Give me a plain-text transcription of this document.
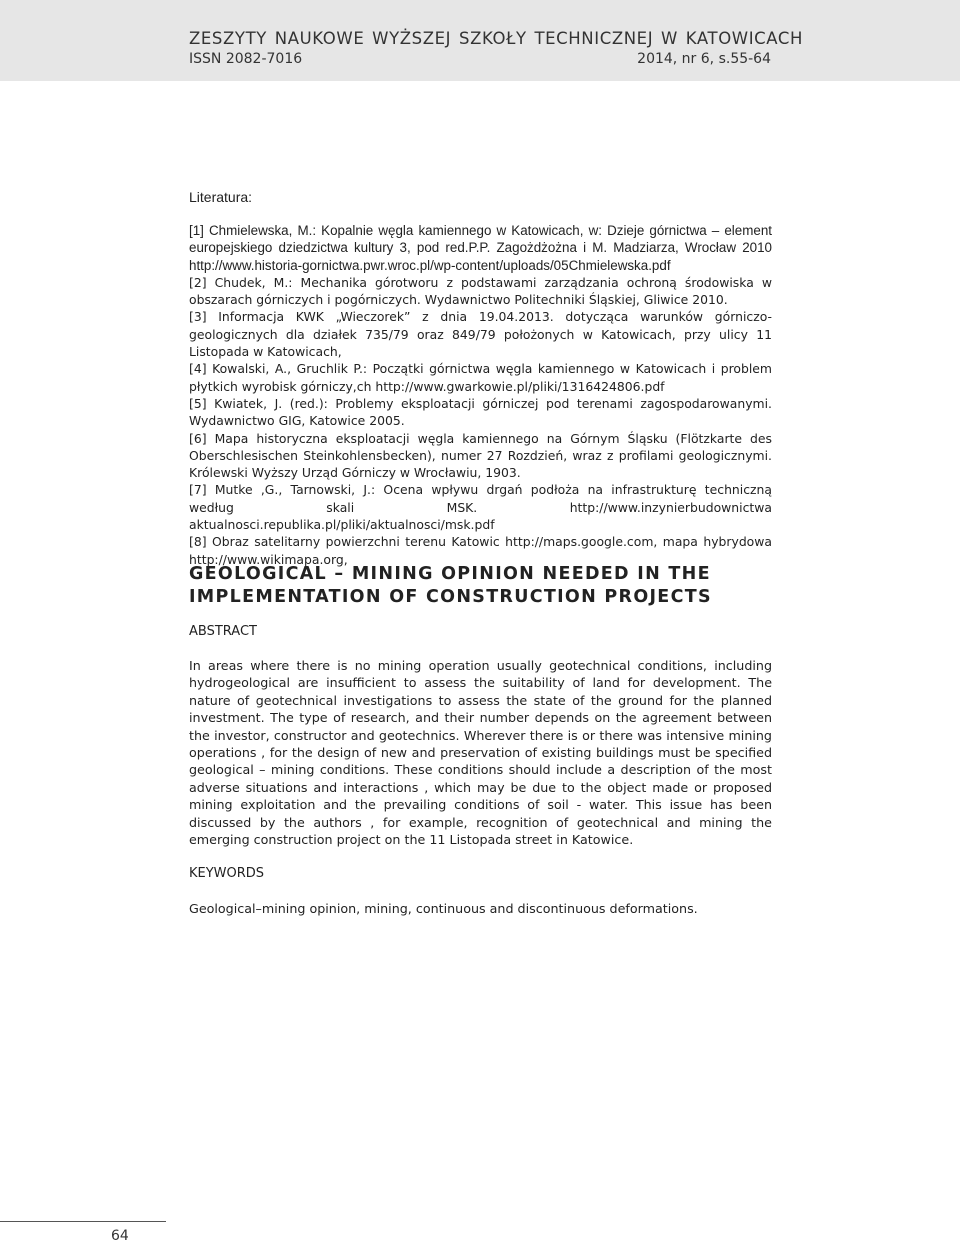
ZESZYTY NAUKOWE WYŻSZEJ SZKOŁY TECHNICZNEJ W KATOWICACH
ISSN 2082-7016	2014, nr 6, s.55-64
Literatura:

[1] Chmielewska, M.: Kopalnie węgla kamiennego w Katowicach, w: Dzieje górnictwa – element europejskiego dziedzictwa kultury 3, pod red.P.P. Zagożdżożna i M. Madziarza, Wrocław 2010 http://www.historia-gornictwa.pwr.wroc.pl/wp-content/uploads/05Chmielewska.pdf

[2] Chudek, M.: Mechanika górotworu z podstawami zarządzania ochroną środowiska w obszarach górniczych i pogórniczych. Wydawnictwo Politechniki Śląskiej, Gliwice 2010.

[3] Informacja KWK „Wieczorek” z dnia 19.04.2013. dotycząca warunków górniczo-geologicznych dla działek 735/79 oraz 849/79 położonych w Katowicach, przy ulicy 11 Listopada w Katowicach,

[4] Kowalski, A., Gruchlik P.: Początki górnictwa węgla kamiennego w Katowicach i problem płytkich wyrobisk górniczy,ch http://www.gwarkowie.pl/pliki/1316424806.pdf

[5] Kwiatek, J. (red.): Problemy eksploatacji górniczej pod terenami zagospodarowanymi. Wydawnictwo GIG, Katowice 2005.

[6] Mapa historyczna eksploatacji węgla kamiennego na Górnym Śląsku (Flötzkarte des Oberschlesischen Steinkohlensbecken), numer 27 Rozdzień, wraz z profilami geologicznymi. Królewski Wyższy Urząd Górniczy w Wrocławiu, 1903.

[7] Mutke ,G., Tarnowski, J.: Ocena wpływu drgań podłoża na infrastrukturę techniczną według skali MSK. http://www.inzynierbudownictwa aktualnosci.republika.pl/pliki/aktualnosci/msk.pdf

[8] Obraz satelitarny powierzchni terenu Katowic http://maps.google.com, mapa hybrydowa http://www.wikimapa.org,

GEOLOGICAL – MINING OPINION NEEDED IN THE IMPLEMENTATION OF CONSTRUCTION PROJECTS
ABSTRACT

In areas where there is no mining operation usually geotechnical conditions, including hydrogeological are insufficient to assess the suitability of land for development. The nature of geotechnical investigations to assess the state of the ground for the planned investment. The type of research, and their number depends on the agreement between the investor, constructor and geotechnics. Wherever there is or there was intensive mining operations , for the design of new and preservation of existing buildings must be specified geological – mining conditions. These conditions should include a description of the most adverse situations and interactions , which may be due to the object made or proposed mining exploitation and the prevailing conditions of soil - water. This issue has been discussed by the authors , for example, recognition of geotechnical and mining the emerging construction project on the 11 Listopada street in Katowice.

KEYWORDS

Geological–mining opinion, mining, continuous and discontinuous deformations.

64
